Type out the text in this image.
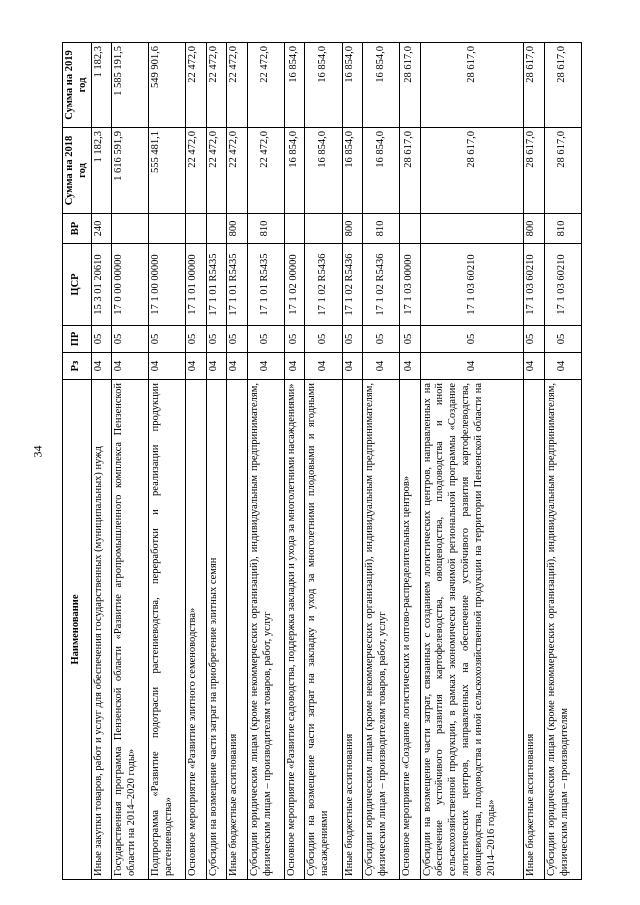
34
Наименование	Рз	ПР	ЦСР	ВР	Сумма на 2018 год	Сумма на 2019 год
Иные закупки товаров, работ и услуг для обеспечения государственных (муниципальных) нужд	04	05	15 3 01 20610	240	1 182,3	1 182,3
Государственная программа Пензенской области «Развитие агропромышленного комплекса Пензенской области на 2014–2020 годы»	04	05	17 0 00 00000		1 616 591,9	1 585 191,5
Подпрограмма «Развитие подотрасли растениеводства, переработки и реализации продукции растениеводства»	04	05	17 1 00 00000		555 481,1	549 901,6
Основное мероприятие «Развитие элитного семеноводства»	04	05	17 1 01 00000		22 472,0	22 472,0
Субсидии на возмещение части затрат на приобретение элитных семян	04	05	17 1 01 R5435		22 472,0	22 472,0
Иные бюджетные ассигнования	04	05	17 1 01 R5435	800	22 472,0	22 472,0
Субсидии юридическим лицам (кроме некоммерческих организаций), индивидуальным предпринимателям, физическим лицам – производителям товаров, работ, услуг	04	05	17 1 01 R5435	810	22 472,0	22 472,0
Основное мероприятие «Развитие садоводства, поддержка закладки и ухода за многолетними насаждениями»	04	05	17 1 02 00000		16 854,0	16 854,0
Субсидии на возмещение части затрат на закладку и уход за многолетними плодовыми и ягодными насаждениями	04	05	17 1 02 R5436		16 854,0	16 854,0
Иные бюджетные ассигнования	04	05	17 1 02 R5436	800	16 854,0	16 854,0
Субсидии юридическим лицам (кроме некоммерческих организаций), индивидуальным предпринимателям, физическим лицам – производителям товаров, работ, услуг	04	05	17 1 02 R5436	810	16 854,0	16 854,0
Основное мероприятие «Создание логистических и оптово-распределительных центров»	04	05	17 1 03 00000		28 617,0	28 617,0
Субсидии на возмещение части затрат, связанных с созданием логистических центров, направленных на обеспечение устойчивого развития картофелеводства, овощеводства, плодоводства и иной сельскохозяйственной продукции, в рамках экономически значимой региональной программы «Создание логистических центров, направленных на обеспечение устойчивого развития картофелеводства, овощеводства, плодоводства и иной сельскохозяйственной продукции на территории Пензенской области на 2014–2016 годы»	04	05	17 1 03 60210		28 617,0	28 617,0
Иные бюджетные ассигнования	04	05	17 1 03 60210	800	28 617,0	28 617,0
Субсидии юридическим лицам (кроме некоммерческих организаций), индивидуальным предпринимателям, физическим лицам – производителям	04	05	17 1 03 60210	810	28 617,0	28 617,0
